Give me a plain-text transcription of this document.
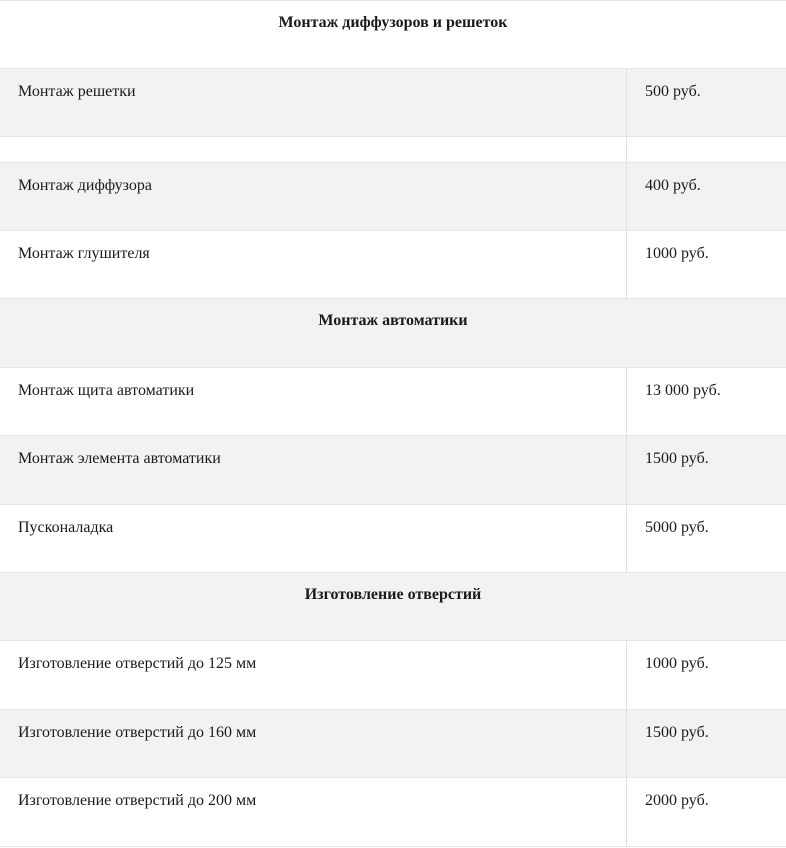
Монтаж диффузоров и решеток
Монтаж решетки	500 руб.
Монтаж диффузора	400 руб.
Монтаж глушителя	1000 руб.
Монтаж автоматики
Монтаж щита автоматики	13 000 руб.
Монтаж элемента автоматики	1500 руб.
Пусконаладка	5000 руб.
Изготовление отверстий
Изготовление отверстий до 125 мм	1000 руб.
Изготовление отверстий до 160 мм	1500 руб.
Изготовление отверстий до 200 мм	2000 руб.
